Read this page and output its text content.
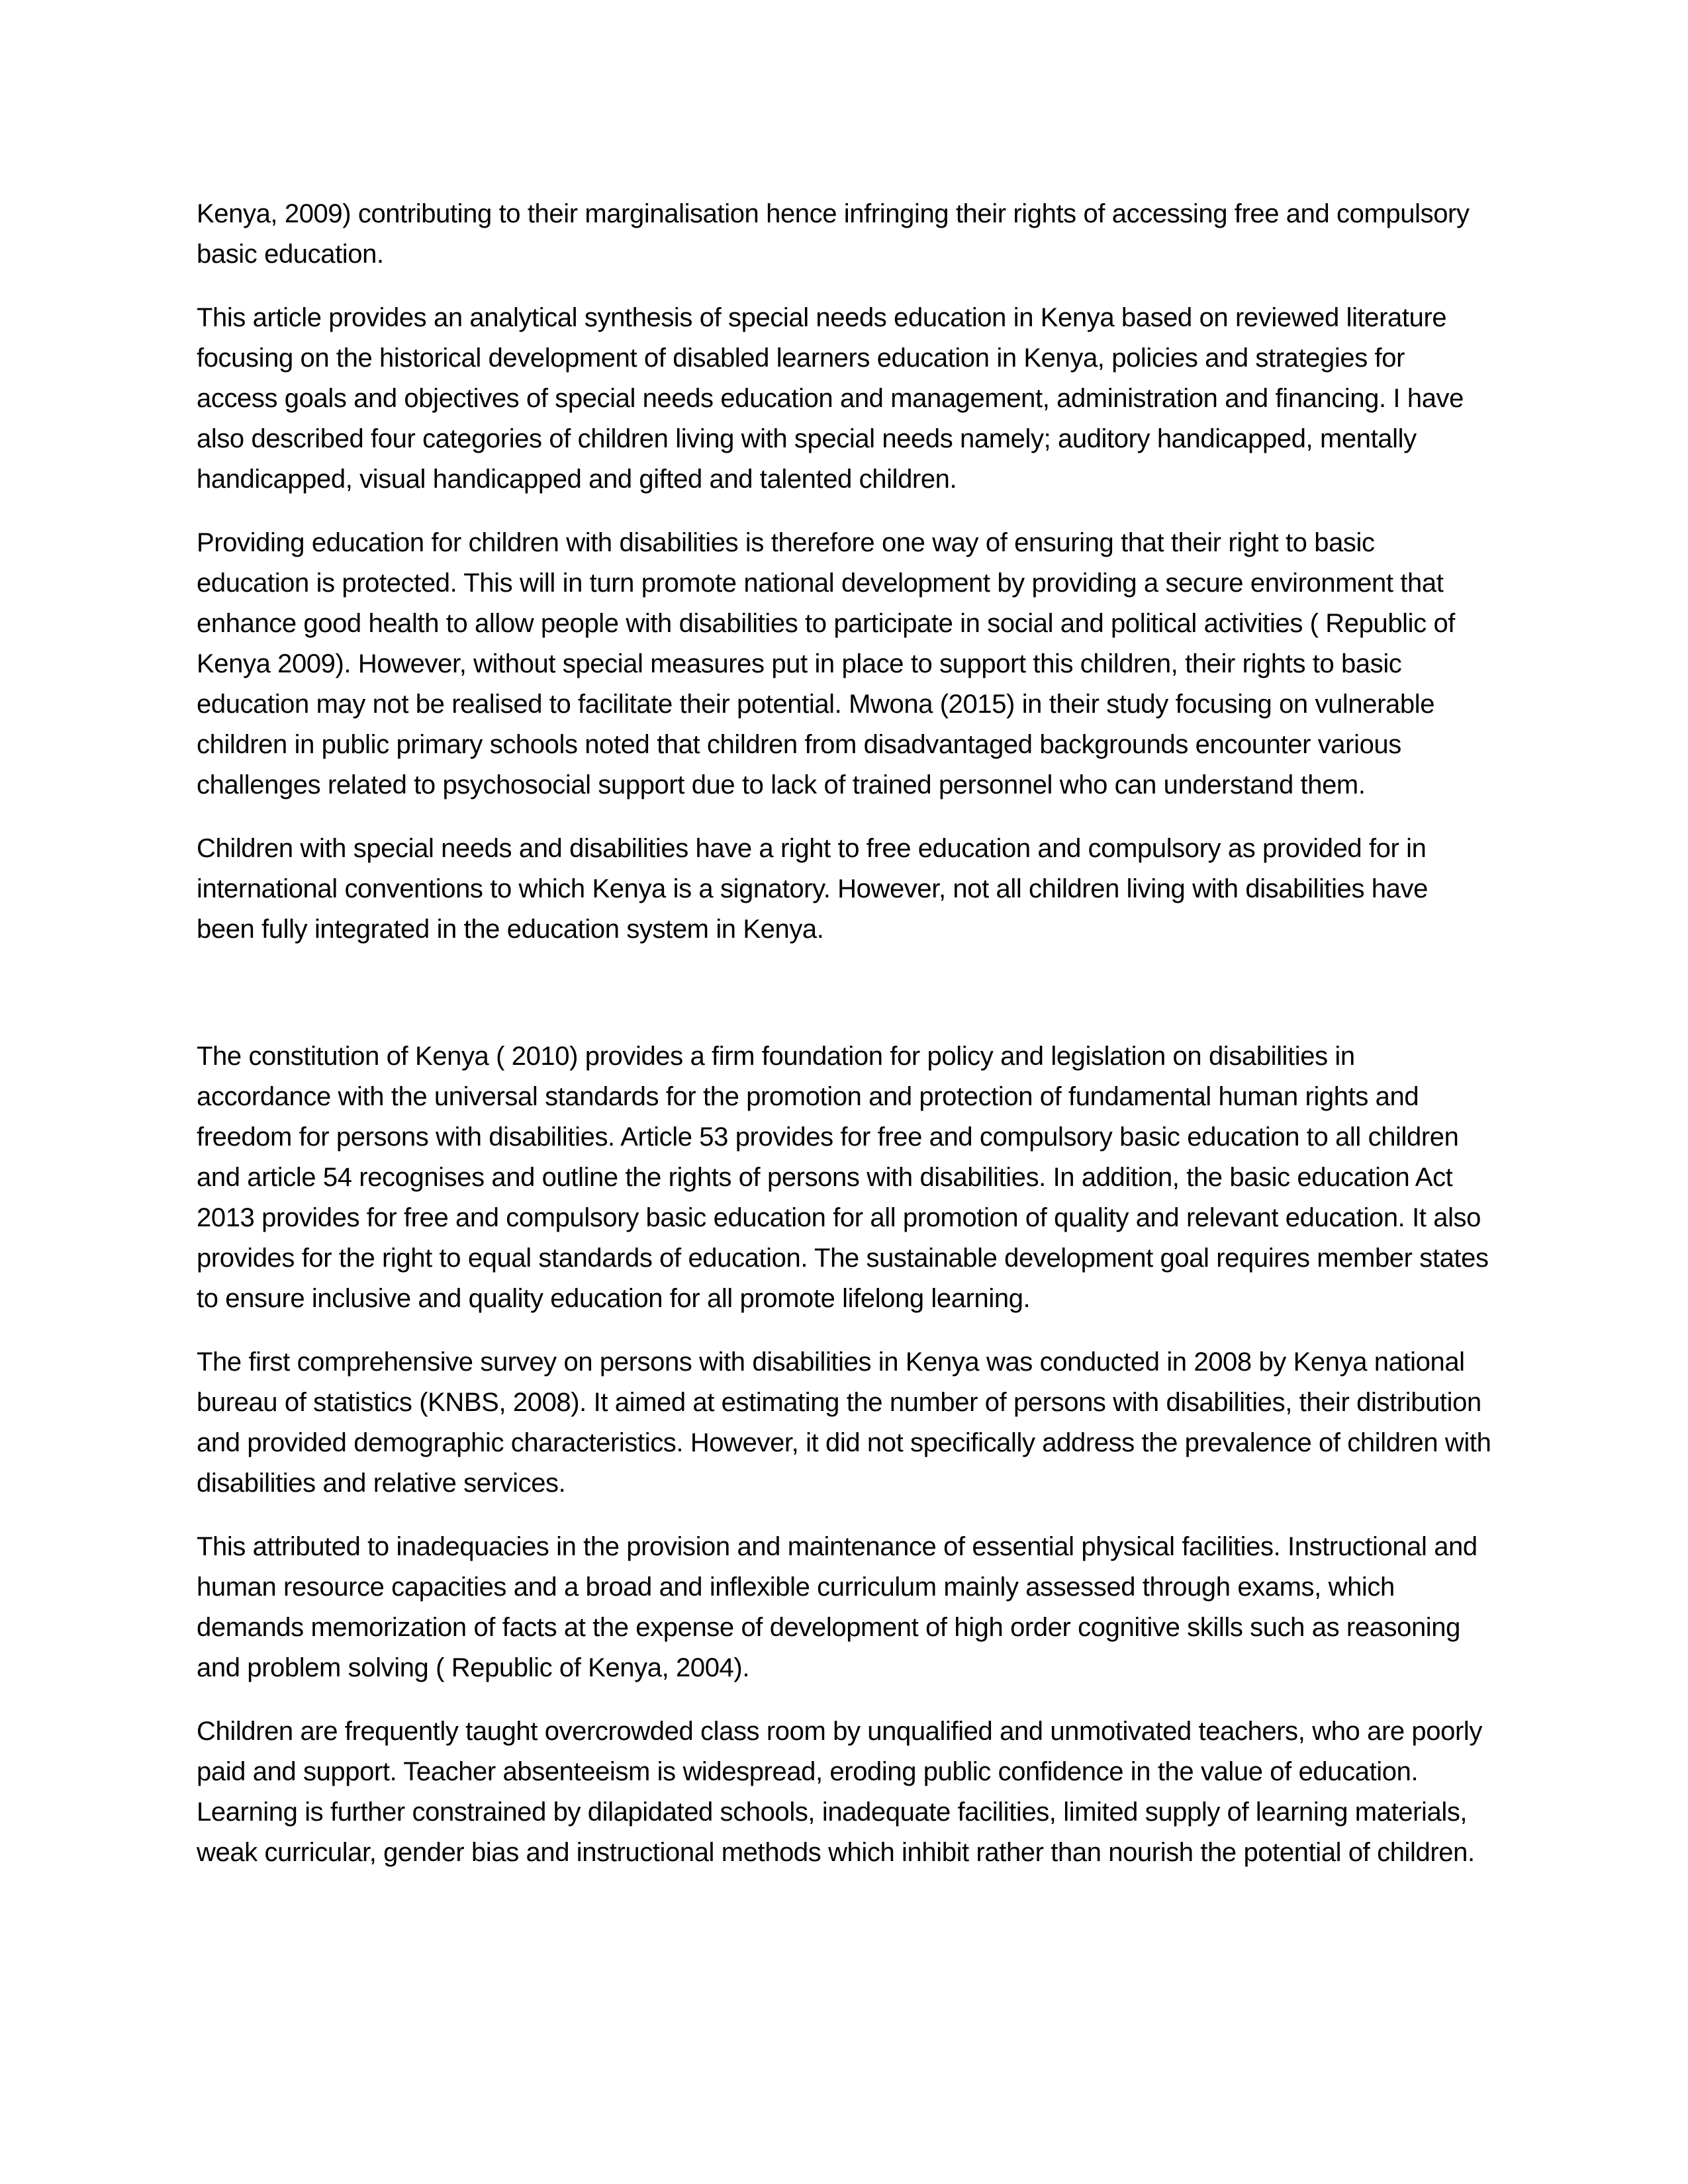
Kenya, 2009) contributing to their marginalisation hence infringing their rights of accessing free and compulsory basic education.

This article provides an analytical synthesis of special needs education in Kenya based on reviewed literature focusing on the historical development of disabled learners education in Kenya, policies and strategies for access goals and objectives of special needs education and management, administration and financing. I have also described four categories of children living with special needs namely; auditory handicapped, mentally handicapped, visual handicapped and gifted and talented children.

Providing education for children with disabilities is therefore one way of ensuring that their right to basic education is protected. This will in turn promote national development by providing a secure environment that enhance good health to allow people with disabilities to participate in social and political activities ( Republic of Kenya 2009). However, without special measures put in place to support this children, their rights to basic education may not be realised to facilitate their potential. Mwona (2015) in their study focusing on vulnerable children in public primary schools noted that children from disadvantaged backgrounds encounter various challenges related to psychosocial support due to lack of trained personnel who can understand them.

Children with special needs and disabilities have a right to free education and compulsory as provided for in international conventions to which Kenya is a signatory. However, not all children living with disabilities have been fully integrated in the education system in Kenya.

The constitution of Kenya ( 2010) provides a firm foundation for policy and legislation on disabilities in accordance with the universal standards for the promotion and protection of fundamental human rights and freedom for persons with disabilities. Article 53 provides for free and compulsory basic education to all children and article 54 recognises and outline the rights of persons with disabilities. In addition, the basic education Act 2013 provides for free and compulsory basic education for all promotion of quality and relevant education. It also provides for the right to equal standards of education. The sustainable development goal requires member states to ensure inclusive and quality education for all promote lifelong learning.

The first comprehensive survey on persons with disabilities in Kenya was conducted in 2008 by Kenya national bureau of statistics (KNBS, 2008). It aimed at estimating the number of persons with disabilities, their distribution and provided demographic characteristics. However, it did not specifically address the prevalence of children with disabilities and relative services.

This attributed to inadequacies in the provision and maintenance of essential physical facilities. Instructional and human resource capacities and a broad and inflexible curriculum mainly assessed through exams, which demands memorization of facts at the expense of development of high order cognitive skills such as reasoning and problem solving ( Republic of Kenya, 2004).

Children are frequently taught overcrowded class room by unqualified and unmotivated teachers, who are poorly paid and support. Teacher absenteeism is widespread, eroding public confidence in the value of education. Learning is further constrained by dilapidated schools, inadequate facilities, limited supply of learning materials, weak curricular, gender bias and instructional methods which inhibit rather than nourish the potential of children.
